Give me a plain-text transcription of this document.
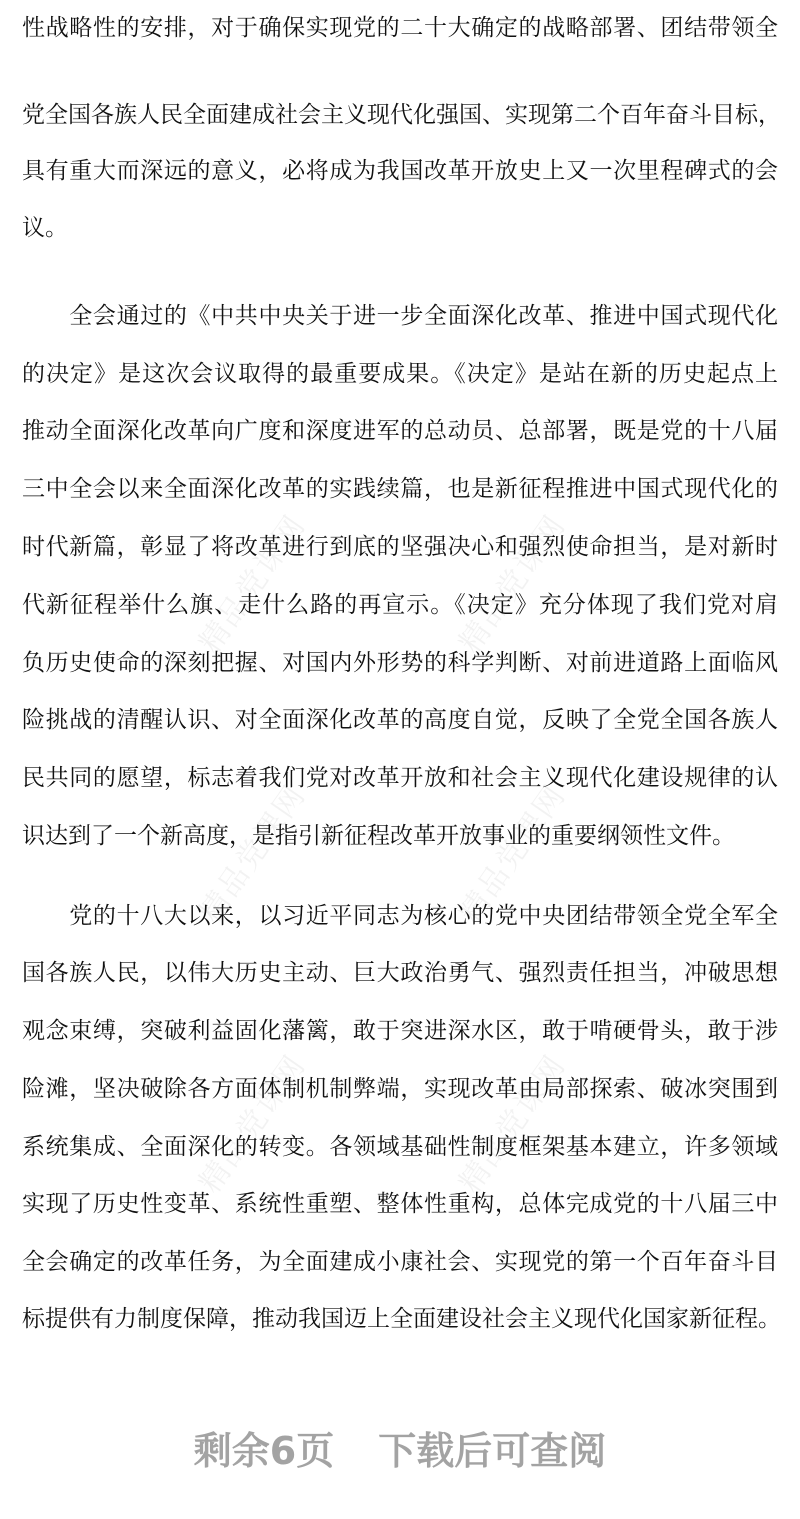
精品党课网	精品党课网
精品党课网	精品党课网
精品党课网	精品党课网
性战略性的安排，对于确保实现党的二十大确定的战略部署、团结带领全
党全国各族人民全面建成社会主义现代化强国、实现第二个百年奋斗目标，
具有重大而深远的意义，必将成为我国改革开放史上又一次里程碑式的会
议。
　　全会通过的《中共中央关于进一步全面深化改革、推进中国式现代化
的决定》是这次会议取得的最重要成果。《决定》是站在新的历史起点上
推动全面深化改革向广度和深度进军的总动员、总部署，既是党的十八届
三中全会以来全面深化改革的实践续篇，也是新征程推进中国式现代化的
时代新篇，彰显了将改革进行到底的坚强决心和强烈使命担当，是对新时
代新征程举什么旗、走什么路的再宣示。《决定》充分体现了我们党对肩
负历史使命的深刻把握、对国内外形势的科学判断、对前进道路上面临风
险挑战的清醒认识、对全面深化改革的高度自觉，反映了全党全国各族人
民共同的愿望，标志着我们党对改革开放和社会主义现代化建设规律的认
识达到了一个新高度，是指引新征程改革开放事业的重要纲领性文件。
　　党的十八大以来，以习近平同志为核心的党中央团结带领全党全军全
国各族人民，以伟大历史主动、巨大政治勇气、强烈责任担当，冲破思想
观念束缚，突破利益固化藩篱，敢于突进深水区，敢于啃硬骨头，敢于涉
险滩，坚决破除各方面体制机制弊端，实现改革由局部探索、破冰突围到
系统集成、全面深化的转变。各领域基础性制度框架基本建立，许多领域
实现了历史性变革、系统性重塑、整体性重构，总体完成党的十八届三中
全会确定的改革任务，为全面建成小康社会、实现党的第一个百年奋斗目
标提供有力制度保障，推动我国迈上全面建设社会主义现代化国家新征程。
剩余6页 下载后可查阅
